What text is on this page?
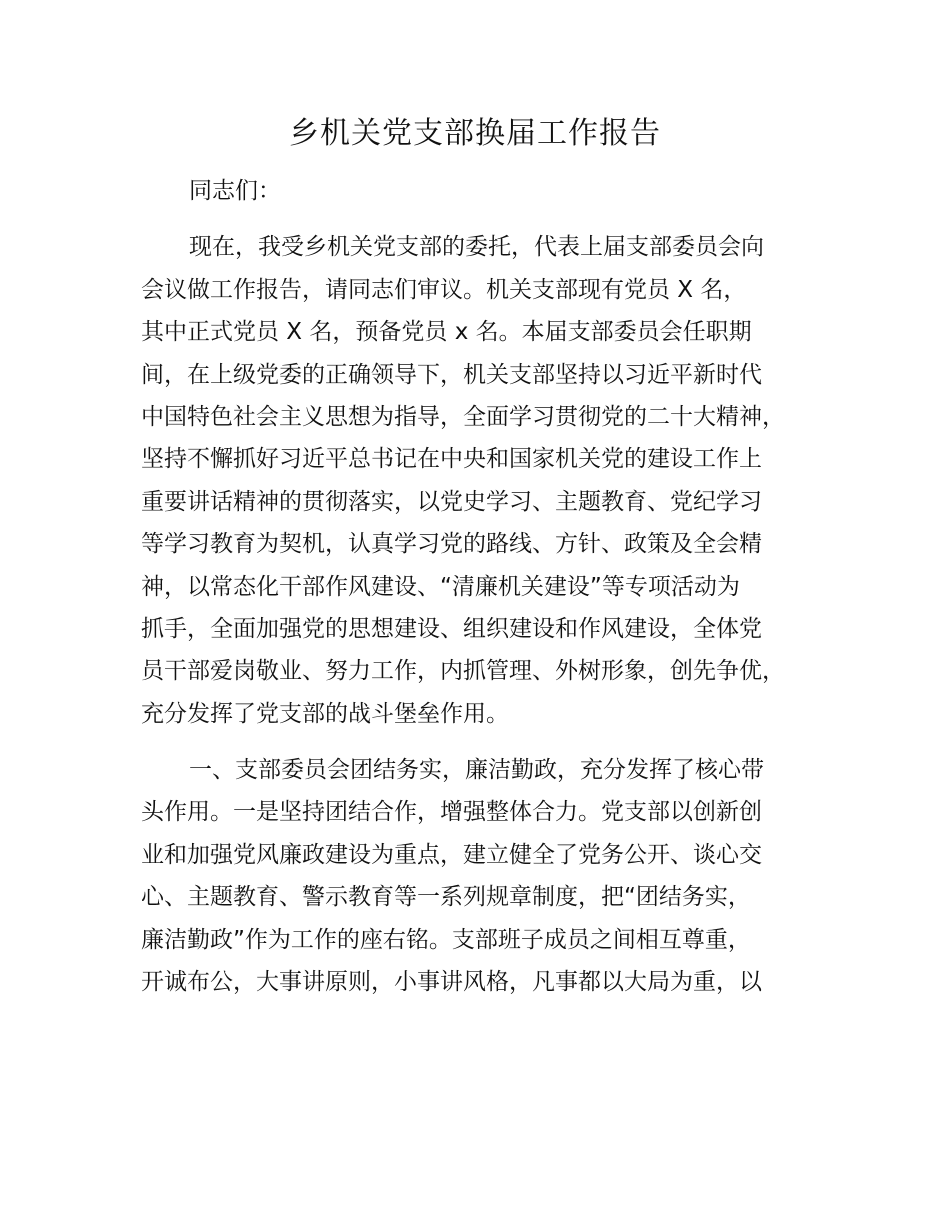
乡机关党支部换届工作报告
同志们：
现在，我受乡机关党支部的委托，代表上届支部委员会向
会议做工作报告，请同志们审议。机关支部现有党员 X 名，
其中正式党员 X 名，预备党员 x 名。本届支部委员会任职期
间，在上级党委的正确领导下，机关支部坚持以习近平新时代
中国特色社会主义思想为指导，全面学习贯彻党的二十大精神，
坚持不懈抓好习近平总书记在中央和国家机关党的建设工作上
重要讲话精神的贯彻落实，以党史学习、主题教育、党纪学习
等学习教育为契机，认真学习党的路线、方针、政策及全会精
神，以常态化干部作风建设、“清廉机关建设”等专项活动为
抓手，全面加强党的思想建设、组织建设和作风建设，全体党
员干部爱岗敬业、努力工作，内抓管理、外树形象，创先争优，
充分发挥了党支部的战斗堡垒作用。
一、支部委员会团结务实，廉洁勤政，充分发挥了核心带
头作用。一是坚持团结合作，增强整体合力。党支部以创新创
业和加强党风廉政建设为重点，建立健全了党务公开、谈心交
心、主题教育、警示教育等一系列规章制度，把“团结务实，
廉洁勤政”作为工作的座右铭。支部班子成员之间相互尊重，
开诚布公，大事讲原则，小事讲风格，凡事都以大局为重，以
